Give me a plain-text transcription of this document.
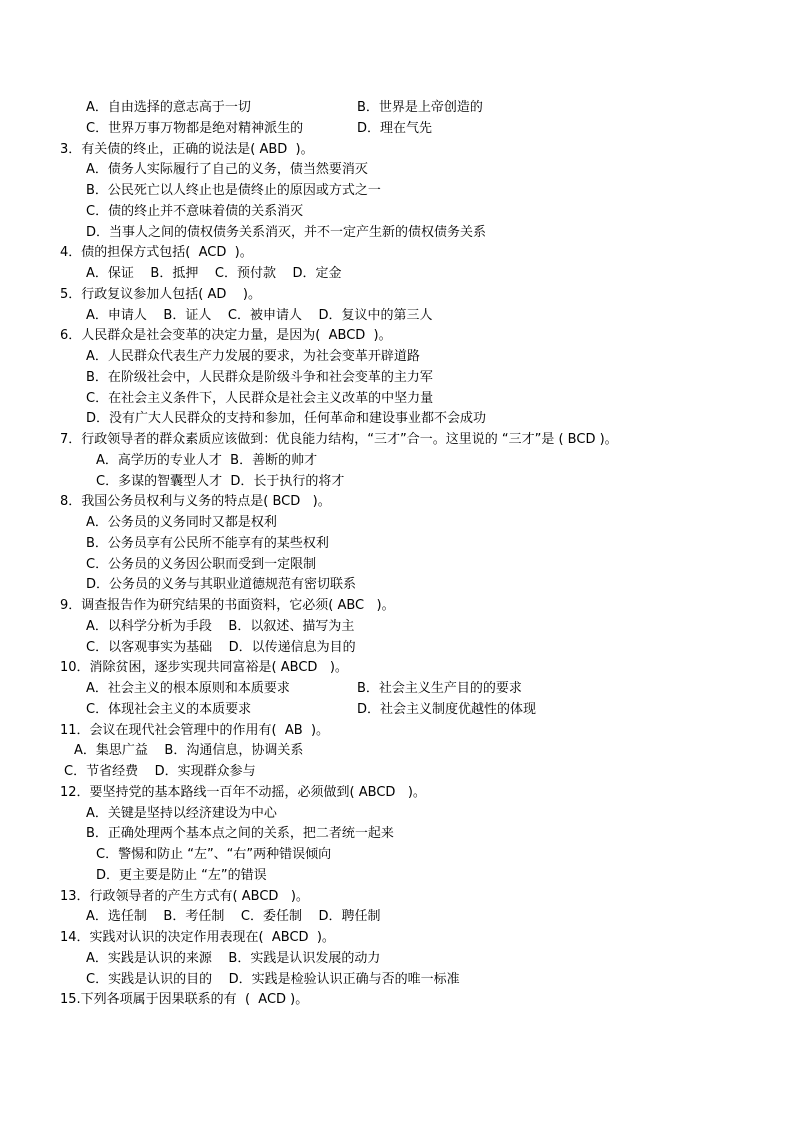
A．自由选择的意志高于一切	B．世界是上帝创造的
C．世界万事万物都是绝对精神派生的	D．理在气先
3．有关债的终止，正确的说法是( ABD  )。
A．债务人实际履行了自己的义务，债当然要消灭
B．公民死亡以人终止也是债终止的原因或方式之一
C．债的终止并不意味着债的关系消灭
D．当事人之间的债权债务关系消灭，并不一定产生新的债权债务关系
4．债的担保方式包括(  ACD  )。
A．保证    B．抵押    C．预付款    D．定金
5．行政复议参加人包括( AD    )。
A．申请人    B．证人    C．被申请人    D．复议中的第三人
6．人民群众是社会变革的决定力量，是因为(  ABCD  )。
A．人民群众代表生产力发展的要求，为社会变革开辟道路
B．在阶级社会中，人民群众是阶级斗争和社会变革的主力军
C．在社会主义条件下，人民群众是社会主义改革的中坚力量
D．没有广大人民群众的支持和参加，任何革命和建设事业都不会成功
7．行政领导者的群众素质应该做到：优良能力结构，“三才”合一。这里说的 “三才”是 ( BCD )。
A．高学历的专业人才  B．善断的帅才
C．多谋的智囊型人才  D．长于执行的将才
8．我国公务员权利与义务的特点是( BCD   )。
A．公务员的义务同时又都是权利
B．公务员享有公民所不能享有的某些权利
C．公务员的义务因公职而受到一定限制
D．公务员的义务与其职业道德规范有密切联系
9．调查报告作为研究结果的书面资料，它必须( ABC   )。
A．以科学分析为手段    B．以叙述、描写为主
C．以客观事实为基础    D．以传递信息为目的
10．消除贫困，逐步实现共同富裕是( ABCD   )。
A．社会主义的根本原则和本质要求	B．社会主义生产目的的要求
C．体现社会主义的本质要求	D．社会主义制度优越性的体现
11．会议在现代社会管理中的作用有(  AB  )。
A．集思广益    B．沟通信息，协调关系
C．节省经费    D．实现群众参与
12．要坚持党的基本路线一百年不动摇，必须做到( ABCD   )。
A．关键是坚持以经济建设为中心
B．正确处理两个基本点之间的关系，把二者统一起来
C．警惕和防止 “左”、“右”两种错误倾向
D．更主要是防止 “左”的错误
13．行政领导者的产生方式有( ABCD   )。
A．选任制    B．考任制    C．委任制    D．聘任制
14．实践对认识的决定作用表现在(  ABCD  )。
A．实践是认识的来源    B．实践是认识发展的动力
C．实践是认识的目的    D．实践是检验认识正确与否的唯一标准
15.下列各项属于因果联系的有  (  ACD )。
